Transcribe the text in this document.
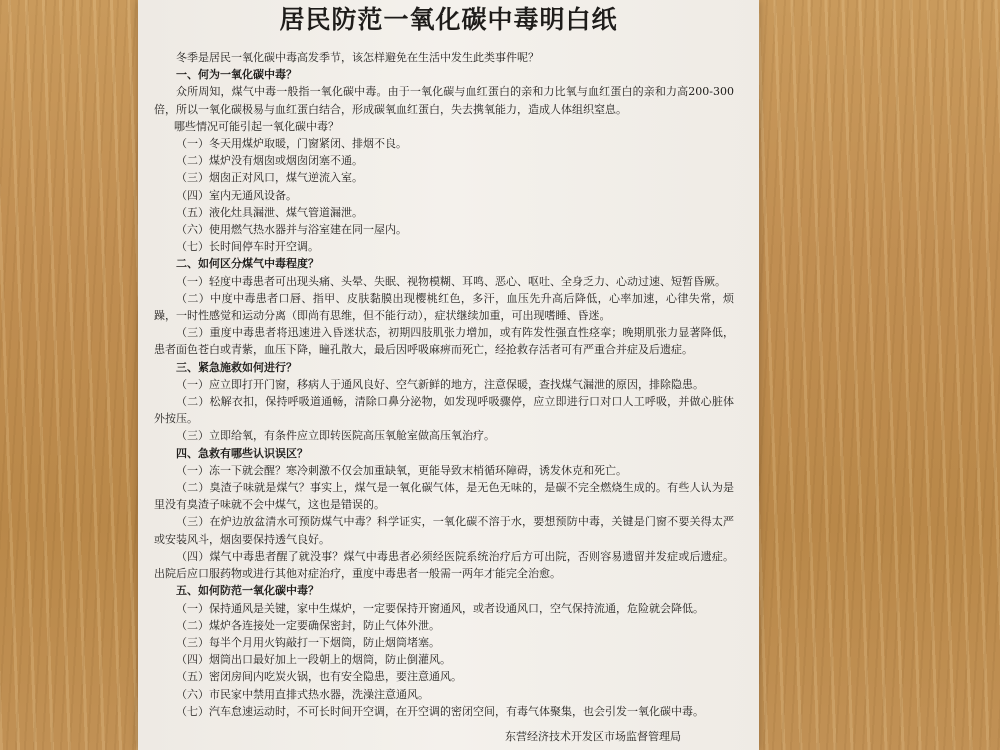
居民防范一氧化碳中毒明白纸

冬季是居民一氧化碳中毒高发季节，该怎样避免在生活中发生此类事件呢？

一、何为一氧化碳中毒？

众所周知，煤气中毒一般指一氧化碳中毒。由于一氧化碳与血红蛋白的亲和力比氧与血红蛋白的亲和力高200-300倍，所以一氧化碳极易与血红蛋白结合，形成碳氧血红蛋白，失去携氧能力，造成人体组织窒息。

哪些情况可能引起一氧化碳中毒？

（一）冬天用煤炉取暖，门窗紧闭、排烟不良。

（二）煤炉没有烟囱或烟囱闭塞不通。

（三）烟囱正对风口，煤气逆流入室。

（四）室内无通风设备。

（五）液化灶具漏泄、煤气管道漏泄。

（六）使用燃气热水器并与浴室建在同一屋内。

（七）长时间停车时开空调。

二、如何区分煤气中毒程度？

（一）轻度中毒患者可出现头痛、头晕、失眠、视物模糊、耳鸣、恶心、呕吐、全身乏力、心动过速、短暂昏厥。

（二）中度中毒患者口唇、指甲、皮肤黏膜出现樱桃红色，多汗，血压先升高后降低，心率加速，心律失常，烦躁，一时性感觉和运动分离（即尚有思维，但不能行动），症状继续加重，可出现嗜睡、昏迷。

（三）重度中毒患者将迅速进入昏迷状态，初期四肢肌张力增加，或有阵发性强直性痉挛；晚期肌张力显著降低，患者面色苍白或青紫，血压下降，瞳孔散大，最后因呼吸麻痹而死亡，经抢救存活者可有严重合并症及后遗症。

三、紧急施救如何进行？

（一）应立即打开门窗，移病人于通风良好、空气新鲜的地方，注意保暖，查找煤气漏泄的原因，排除隐患。

（二）松解衣扣，保持呼吸道通畅，清除口鼻分泌物，如发现呼吸骤停，应立即进行口对口人工呼吸，并做心脏体外按压。

（三）立即给氧，有条件应立即转医院高压氧舱室做高压氧治疗。

四、急救有哪些认识误区？

（一）冻一下就会醒？寒冷刺激不仅会加重缺氧，更能导致末梢循环障碍，诱发休克和死亡。

（二）臭渣子味就是煤气？事实上，煤气是一氧化碳气体，是无色无味的，是碳不完全燃烧生成的。有些人认为是里没有臭渣子味就不会中煤气，这也是错误的。

（三）在炉边放盆清水可预防煤气中毒？科学证实，一氧化碳不溶于水，要想预防中毒，关键是门窗不要关得太严或安装风斗，烟囱要保持透气良好。

（四）煤气中毒患者醒了就没事？煤气中毒患者必须经医院系统治疗后方可出院，否则容易遗留并发症或后遗症。出院后应口服药物或进行其他对症治疗，重度中毒患者一般需一两年才能完全治愈。

五、如何防范一氧化碳中毒？

（一）保持通风是关键，家中生煤炉，一定要保持开窗通风，或者设通风口，空气保持流通，危险就会降低。

（二）煤炉各连接处一定要确保密封，防止气体外泄。

（三）每半个月用火钩敲打一下烟筒，防止烟筒堵塞。

（四）烟筒出口最好加上一段朝上的烟筒，防止倒灌风。

（五）密闭房间内吃炭火锅，也有安全隐患，要注意通风。

（六）市民家中禁用直排式热水器，洗澡注意通风。

（七）汽车怠速运动时，不可长时间开空调，在开空调的密闭空间，有毒气体聚集，也会引发一氧化碳中毒。

东营经济技术开发区市场监督管理局
